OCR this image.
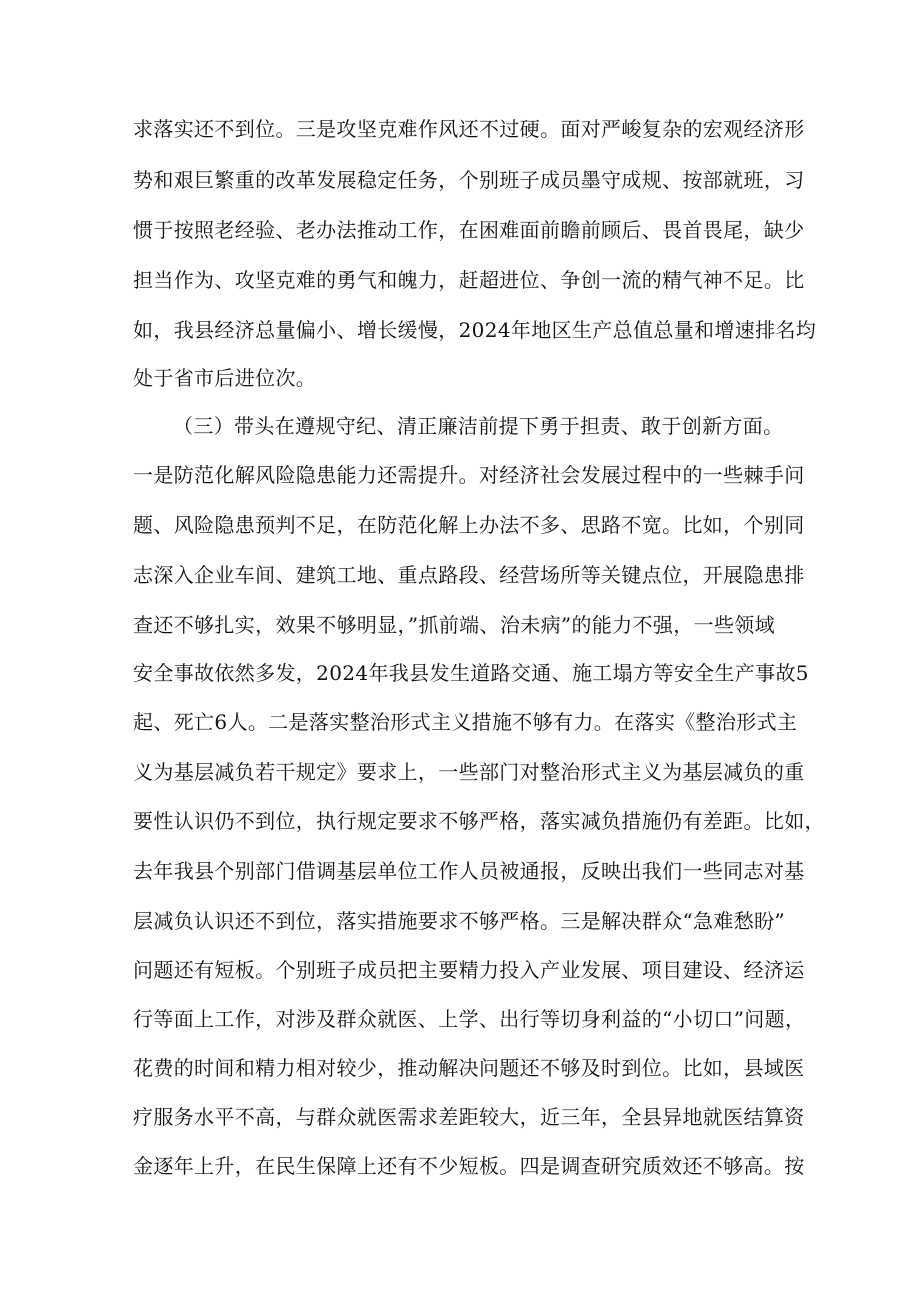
求落实还不到位。三是攻坚克难作风还不过硬。面对严峻复杂的宏观经济形
势和艰巨繁重的改革发展稳定任务，个别班子成员墨守成规、按部就班，习
惯于按照老经验、老办法推动工作，在困难面前瞻前顾后、畏首畏尾，缺少
担当作为、攻坚克难的勇气和魄力，赶超进位、争创一流的精气神不足。比
如，我县经济总量偏小、增长缓慢，2024年地区生产总值总量和增速排名均
处于省市后进位次。
（三）带头在遵规守纪、清正廉洁前提下勇于担责、敢于创新方面。
一是防范化解风险隐患能力还需提升。对经济社会发展过程中的一些棘手问
题、风险隐患预判不足，在防范化解上办法不多、思路不宽。比如，个别同
志深入企业车间、建筑工地、重点路段、经营场所等关键点位，开展隐患排
查还不够扎实，效果不够明显，”抓前端、治未病”的能力不强，一些领域
安全事故依然多发，2024年我县发生道路交通、施工塌方等安全生产事故5
起、死亡6人。二是落实整治形式主义措施不够有力。在落实《整治形式主
义为基层减负若干规定》要求上，一些部门对整治形式主义为基层减负的重
要性认识仍不到位，执行规定要求不够严格，落实减负措施仍有差距。比如，
去年我县个别部门借调基层单位工作人员被通报，反映出我们一些同志对基
层减负认识还不到位，落实措施要求不够严格。三是解决群众“急难愁盼”
问题还有短板。个别班子成员把主要精力投入产业发展、项目建设、经济运
行等面上工作，对涉及群众就医、上学、出行等切身利益的“小切口”问题，
花费的时间和精力相对较少，推动解决问题还不够及时到位。比如，县域医
疗服务水平不高，与群众就医需求差距较大，近三年，全县异地就医结算资
金逐年上升，在民生保障上还有不少短板。四是调查研究质效还不够高。按
